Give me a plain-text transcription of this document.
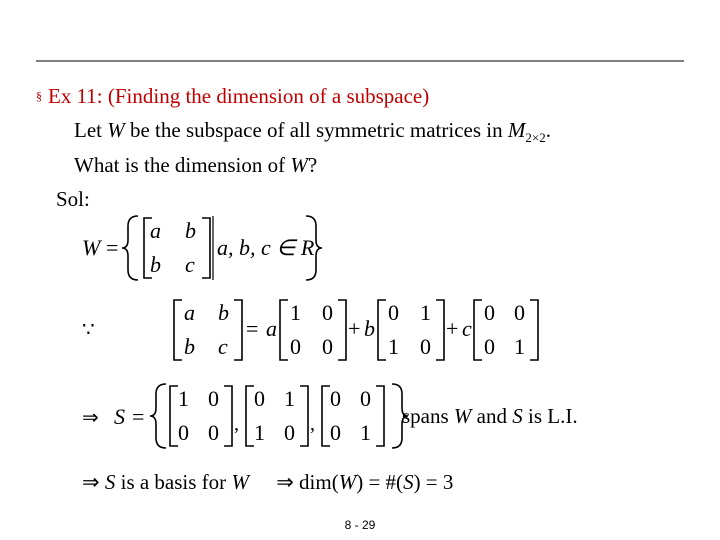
§ Ex 11: (Finding the dimension of a subspace)
Let W be the subspace of all symmetric matrices in $M_{2\times 2}$.
What is the dimension of W?
Sol:
W =
a b
b c
a, b, c ∈ R
∵
a b
b c
= a
1 0
0 0
+ b
0 1
1 0
+ c
0 0
0 1
⇒ S =
1 0
0 0 ,
0 1
1 0 ,
0 0
0 1
spans W and S is L.I.
⇒ S is a basis for W ⇒ dim(W) = #(S) = 3
8 - 29
